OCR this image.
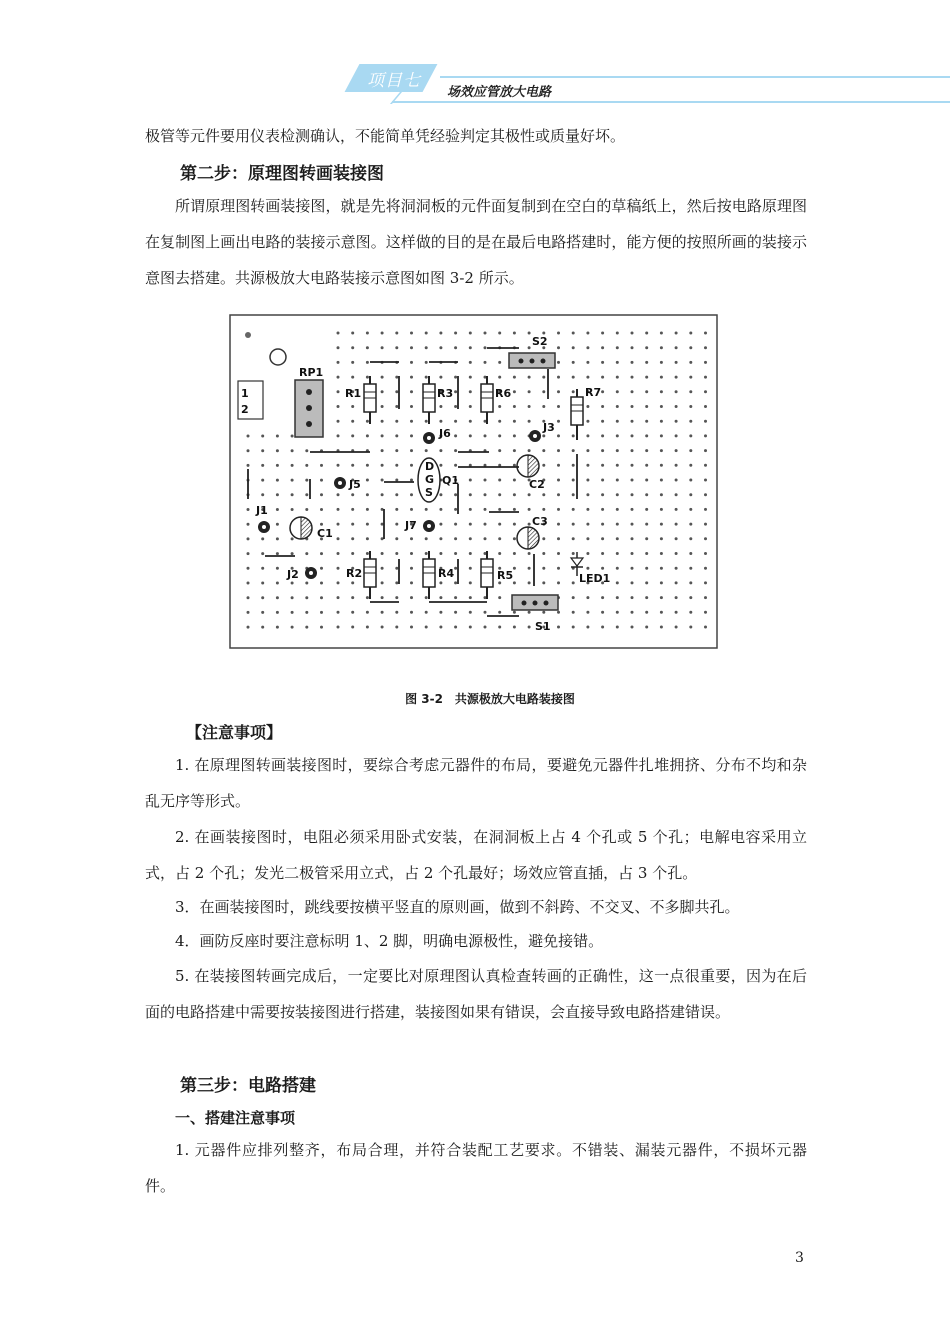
项目七
场效应管放大电路
极管等元件要用仪表检测确认，不能简单凭经验判定其极性或质量好坏。
第二步：原理图转画装接图
所谓原理图转画装接图，就是先将洞洞板的元件面复制到在空白的草稿纸上，然后按电路原理图在复制图上画出电路的装接示意图。这样做的目的是在最后电路搭建时，能方便的按照所画的装接示意图去搭建。共源极放大电路装接示意图如图 3-2 所示。
1
2
RP1
S2
S1
R1	R3	R6	R7
R2	R4	R5
D
G
S
Q1
C1
C2
C3
LED1
J6	J3
J5
J1
J7
J2
图 3-2　共源极放大电路装接图
【注意事项】
1. 在原理图转画装接图时，要综合考虑元器件的布局，要避免元器件扎堆拥挤、分布不均和杂乱无序等形式。
2. 在画装接图时，电阻必须采用卧式安装，在洞洞板上占 4 个孔或 5 个孔；电解电容采用立式，占 2 个孔；发光二极管采用立式，占 2 个孔最好；场效应管直插，占 3 个孔。
3．在画装接图时，跳线要按横平竖直的原则画，做到不斜跨、不交叉、不多脚共孔。
4．画防反座时要注意标明 1、2 脚，明确电源极性，避免接错。
5. 在装接图转画完成后，一定要比对原理图认真检查转画的正确性，这一点很重要，因为在后面的电路搭建中需要按装接图进行搭建，装接图如果有错误，会直接导致电路搭建错误。
第三步：电路搭建
一、搭建注意事项
1. 元器件应排列整齐，布局合理，并符合装配工艺要求。不错装、漏装元器件，不损坏元器件。
3
